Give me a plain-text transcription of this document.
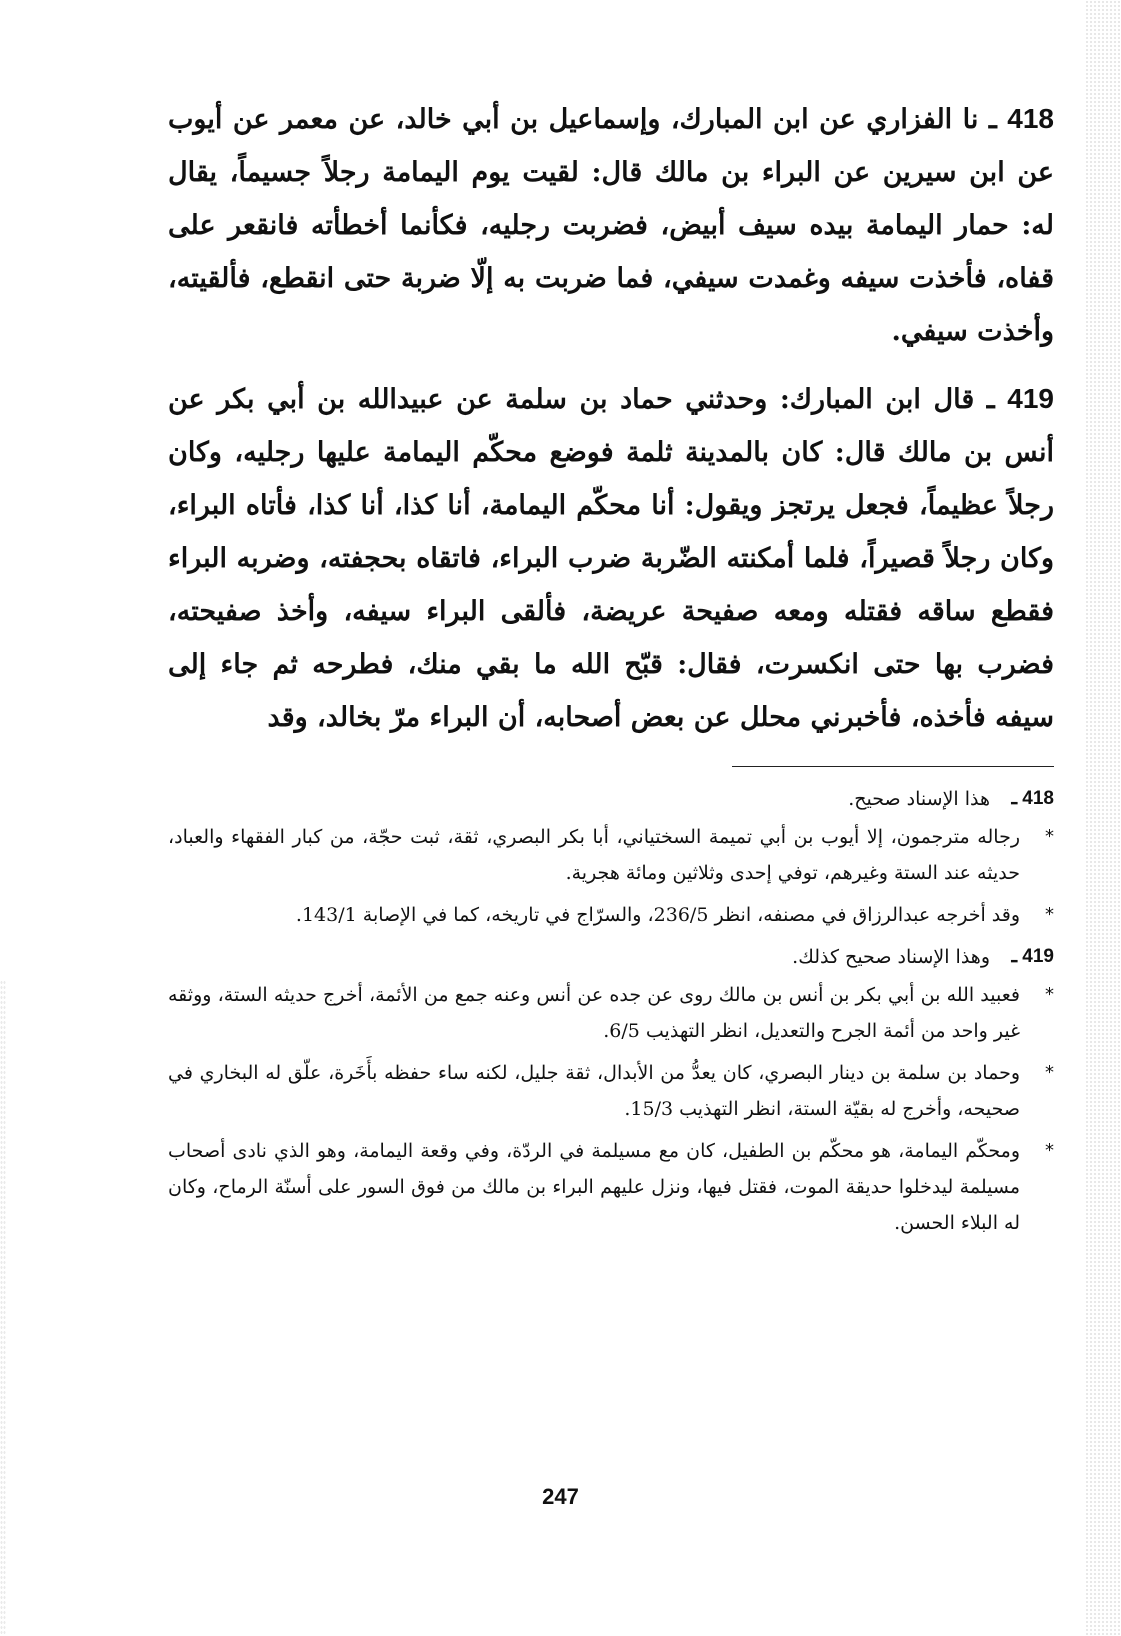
418 ـ نا الفزاري عن ابن المبارك، وإسماعيل بن أبي خالد، عن معمر عن أيوب عن ابن سيرين عن البراء بن مالك قال: لقيت يوم اليمامة رجلاً جسيماً، يقال له: حمار اليمامة بيده سيف أبيض، فضربت رجليه، فكأنما أخطأته فانقعر على قفاه، فأخذت سيفه وغمدت سيفي، فما ضربت به إلّا ضربة حتى انقطع، فألقيته، وأخذت سيفي.

419 ـ قال ابن المبارك: وحدثني حماد بن سلمة عن عبيدالله بن أبي بكر عن أنس بن مالك قال: كان بالمدينة ثلمة فوضع محكّم اليمامة عليها رجليه، وكان رجلاً عظيماً، فجعل يرتجز ويقول: أنا محكّم اليمامة، أنا كذا، أنا كذا، فأتاه البراء، وكان رجلاً قصيراً، فلما أمكنته الضّربة ضرب البراء، فاتقاه بحجفته، وضربه البراء فقطع ساقه فقتله ومعه صفيحة عريضة، فألقى البراء سيفه، وأخذ صفيحته، فضرب بها حتى انكسرت، فقال: قبّح الله ما بقي منك، فطرحه ثم جاء إلى سيفه فأخذه، فأخبرني محلل عن بعض أصحابه، أن البراء مرّ بخالد، وقد

418 ـ
هذا الإسناد صحيح.
*
رجاله مترجمون، إلا أيوب بن أبي تميمة السختياني، أبا بكر البصري، ثقة، ثبت حجّة، من كبار الفقهاء والعباد، حديثه عند الستة وغيرهم، توفي إحدى وثلاثين ومائة هجرية.
*
وقد أخرجه عبدالرزاق في مصنفه، انظر 236/5، والسرّاج في تاريخه، كما في الإصابة 143/1.
419 ـ
وهذا الإسناد صحيح كذلك.
*
فعبيد الله بن أبي بكر بن أنس بن مالك روى عن جده عن أنس وعنه جمع من الأئمة، أخرج حديثه الستة، ووثقه غير واحد من أئمة الجرح والتعديل، انظر التهذيب 6/5.
*
وحماد بن سلمة بن دينار البصري، كان يعدُّ من الأبدال، ثقة جليل، لكنه ساء حفظه بأَخَرة، علّق له البخاري في صحيحه، وأخرج له بقيّة الستة، انظر التهذيب 15/3.
*
ومحكّم اليمامة، هو محكّم بن الطفيل، كان مع مسيلمة في الردّة، وفي وقعة اليمامة، وهو الذي نادى أصحاب مسيلمة ليدخلوا حديقة الموت، فقتل فيها، ونزل عليهم البراء بن مالك من فوق السور على أسنّة الرماح، وكان له البلاء الحسن.
247
